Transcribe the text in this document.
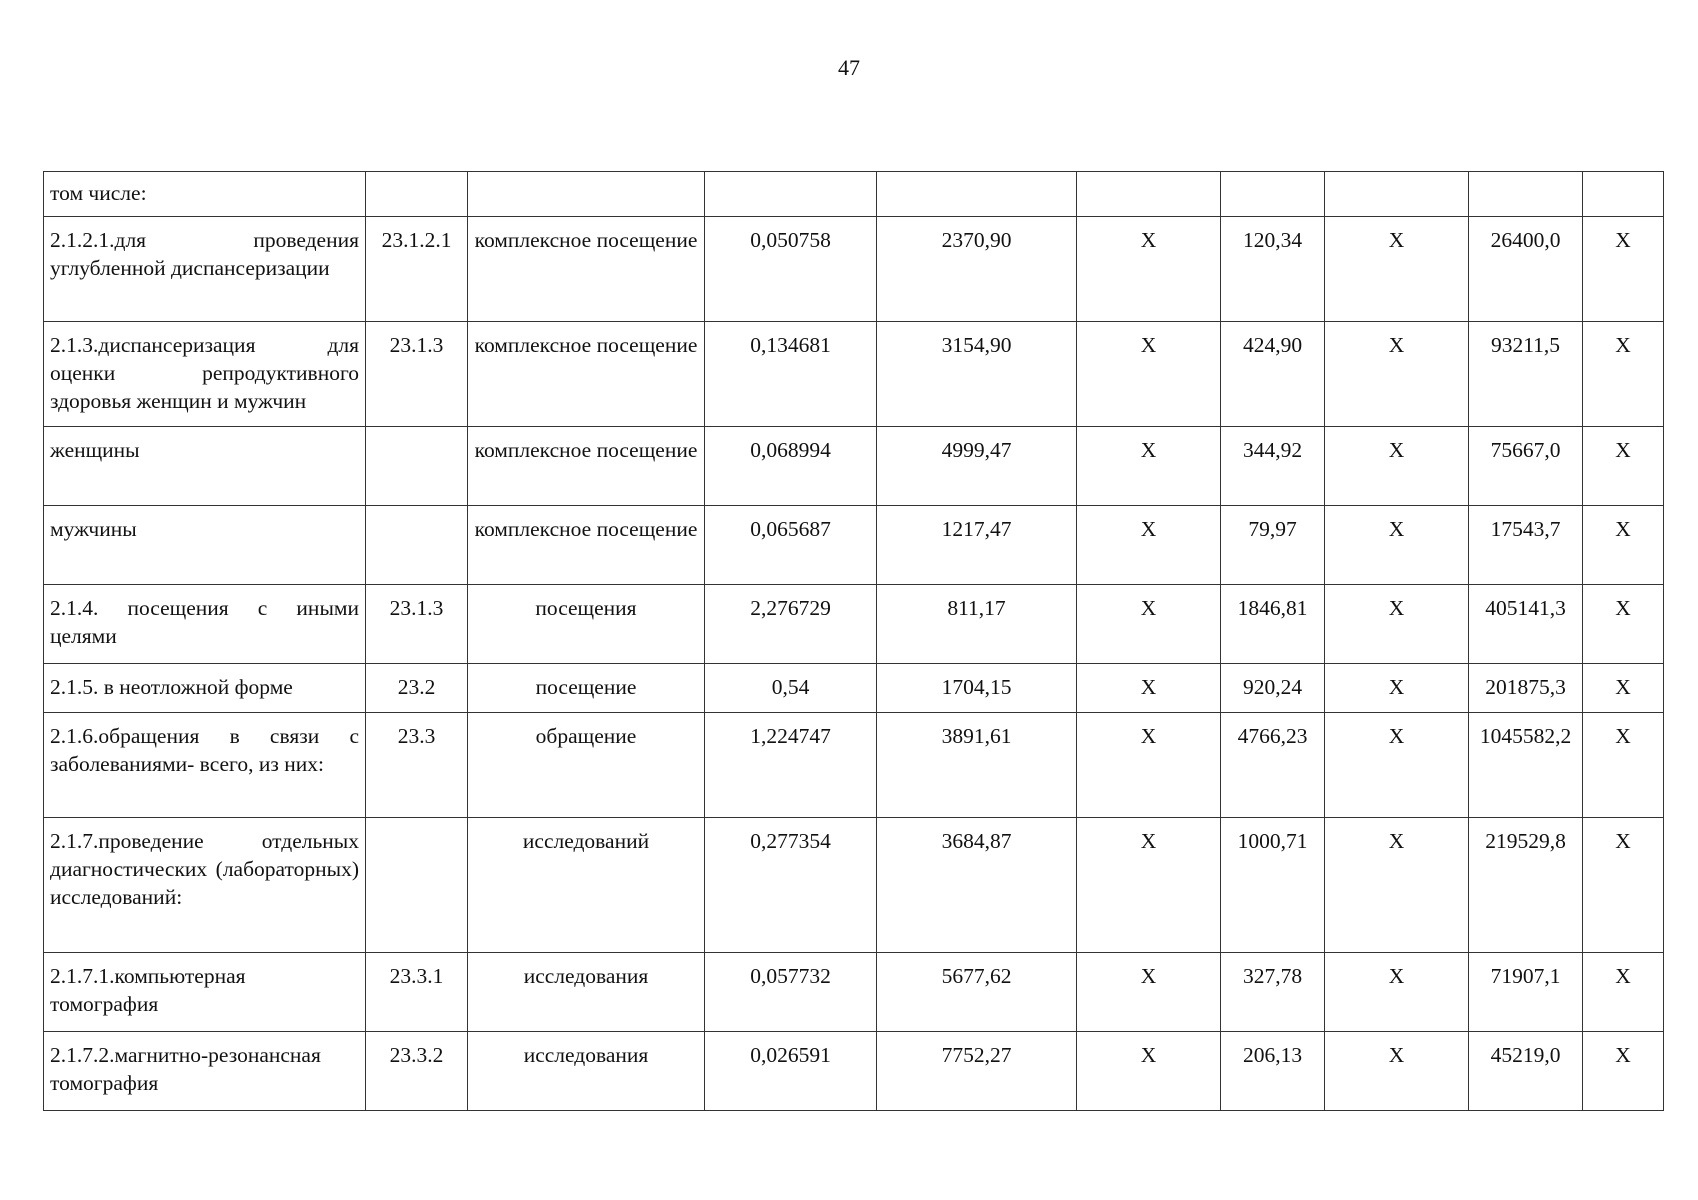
47
том числе:									
2.1.2.1.для проведения углубленной диспансеризации	23.1.2.1	комплексное посещение	0,050758	2370,90	X	120,34	X	26400,0	X
2.1.3.диспансеризация для оценки репродуктивного здоровья женщин и мужчин	23.1.3	комплексное посещение	0,134681	3154,90	X	424,90	X	93211,5	X
женщины		комплексное посещение	0,068994	4999,47	X	344,92	X	75667,0	X
мужчины		комплексное посещение	0,065687	1217,47	X	79,97	X	17543,7	X
2.1.4. посещения с иными целями	23.1.3	посещения	2,276729	811,17	X	1846,81	X	405141,3	X
2.1.5. в неотложной форме	23.2	посещение	0,54	1704,15	X	920,24	X	201875,3	X
2.1.6.обращения в связи с заболеваниями- всего, из них:	23.3	обращение	1,224747	3891,61	X	4766,23	X	1045582,2	X
2.1.7.проведение отдельных диагностических (лабораторных) исследований:		исследований	0,277354	3684,87	X	1000,71	X	219529,8	X
2.1.7.1.компьютерная томография	23.3.1	исследования	0,057732	5677,62	X	327,78	X	71907,1	X
2.1.7.2.магнитно-резонансная томография	23.3.2	исследования	0,026591	7752,27	X	206,13	X	45219,0	X
